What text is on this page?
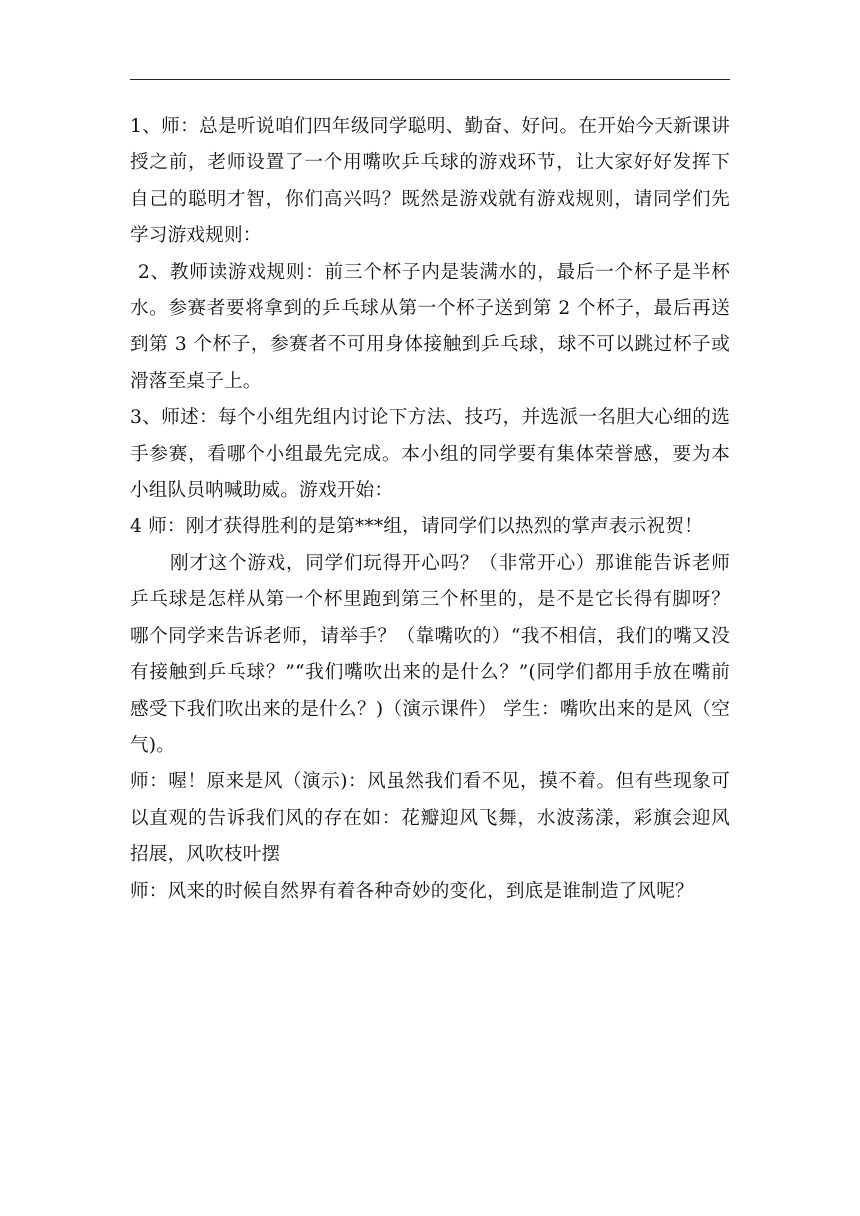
1、师：总是听说咱们四年级同学聪明、勤奋、好问。在开始今天新课讲授之前，老师设置了一个用嘴吹乒乓球的游戏环节，让大家好好发挥下自己的聪明才智，你们高兴吗？既然是游戏就有游戏规则，请同学们先学习游戏规则：

2、教师读游戏规则：前三个杯子内是装满水的，最后一个杯子是半杯水。参赛者要将拿到的乒乓球从第一个杯子送到第 2 个杯子，最后再送到第 3 个杯子，参赛者不可用身体接触到乒乓球，球不可以跳过杯子或滑落至桌子上。

3、师述：每个小组先组内讨论下方法、技巧，并选派一名胆大心细的选手参赛，看哪个小组最先完成。本小组的同学要有集体荣誉感，要为本小组队员呐喊助威。游戏开始：

4 师：刚才获得胜利的是第***组，请同学们以热烈的掌声表示祝贺！

刚才这个游戏，同学们玩得开心吗？（非常开心）那谁能告诉老师乒乓球是怎样从第一个杯里跑到第三个杯里的，是不是它长得有脚呀？哪个同学来告诉老师，请举手？（靠嘴吹的）“我不相信，我们的嘴又没有接触到乒乓球？”“我们嘴吹出来的是什么？”(同学们都用手放在嘴前感受下我们吹出来的是什么？)（演示课件） 学生：嘴吹出来的是风（空气)。

师：喔！原来是风（演示)：风虽然我们看不见，摸不着。但有些现象可以直观的告诉我们风的存在如：花瓣迎风飞舞，水波荡漾，彩旗会迎风招展，风吹枝叶摆

师：风来的时候自然界有着各种奇妙的变化，到底是谁制造了风呢？
